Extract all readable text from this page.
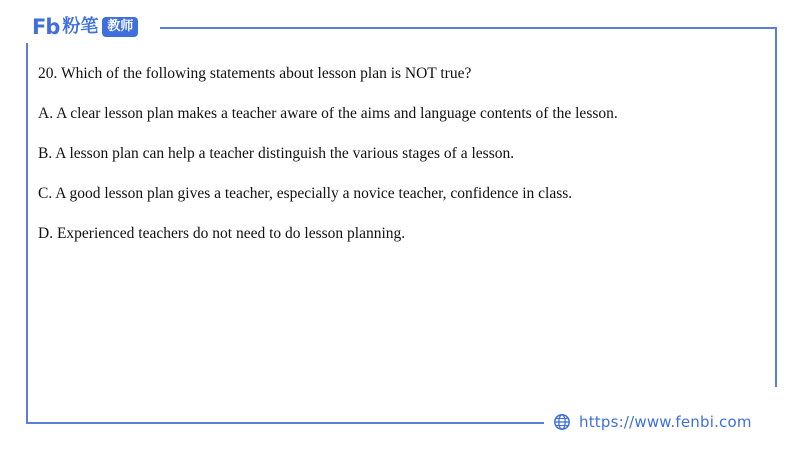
Fb 粉笔 教师

20. Which of the following statements about lesson plan is NOT true?

A. A clear lesson plan makes a teacher aware of the aims and language contents of the lesson.

B. A lesson plan can help a teacher distinguish the various stages of a lesson.

C. A good lesson plan gives a teacher, especially a novice teacher, confidence in class.

D. Experienced teachers do not need to do lesson planning.

https://www.fenbi.com
